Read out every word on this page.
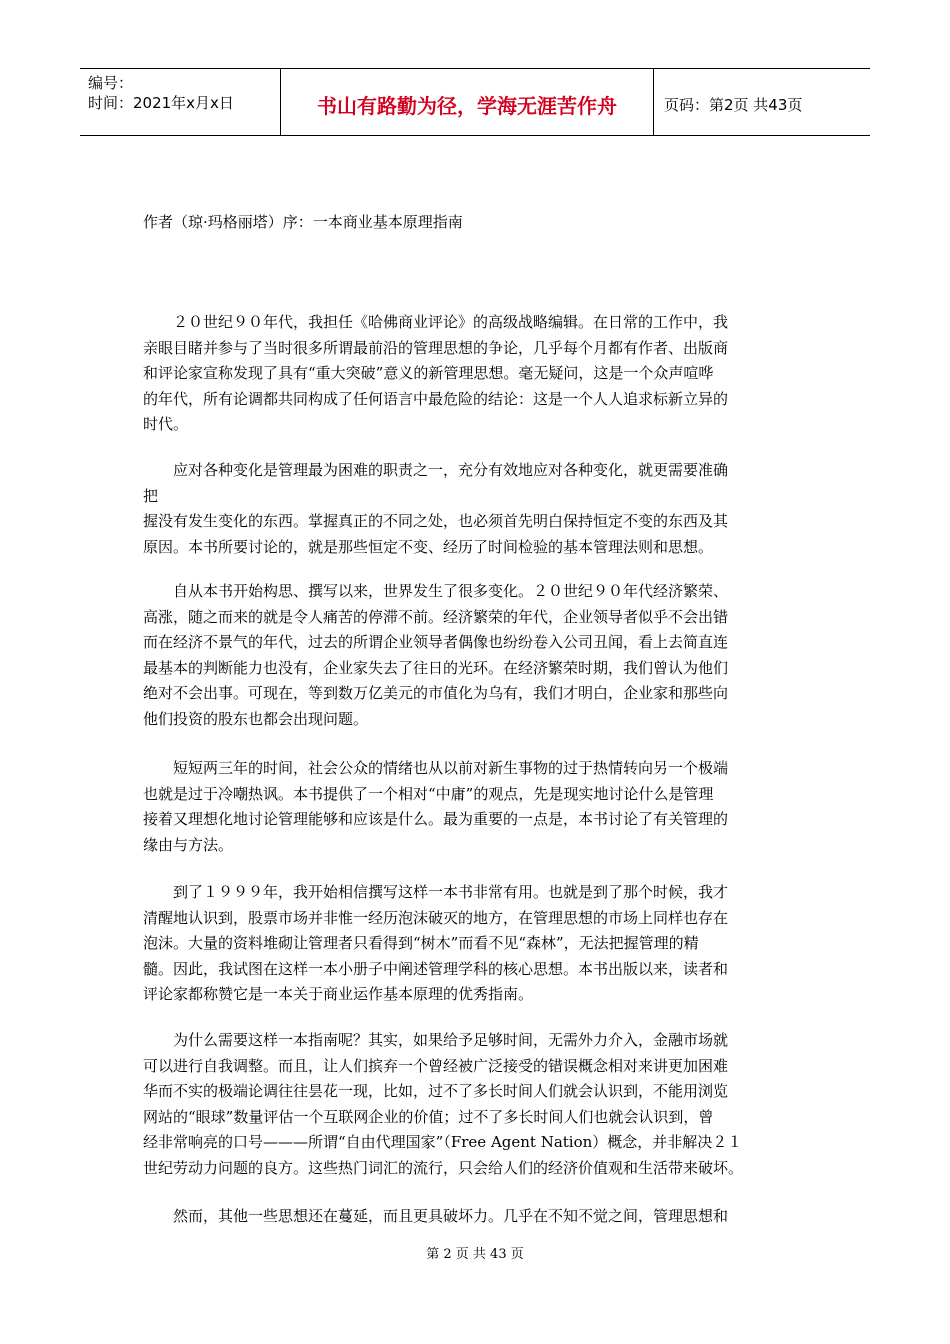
编号：
时间：2021年x月x日	书山有路勤为径，学海无涯苦作舟	页码：第2页 共43页
作者（琼·玛格丽塔）序：一本商业基本原理指南
　　２０世纪９０年代，我担任《哈佛商业评论》的高级战略编辑。在日常的工作中，我
亲眼目睹并参与了当时很多所谓最前沿的管理思想的争论，几乎每个月都有作者、出版商
和评论家宣称发现了具有“重大突破”意义的新管理思想。毫无疑问，这是一个众声喧哗
的年代，所有论调都共同构成了任何语言中最危险的结论：这是一个人人追求标新立异的
时代。
　　应对各种变化是管理最为困难的职责之一，充分有效地应对各种变化，就更需要准确
把
握没有发生变化的东西。掌握真正的不同之处，也必须首先明白保持恒定不变的东西及其
原因。本书所要讨论的，就是那些恒定不变、经历了时间检验的基本管理法则和思想。
　　自从本书开始构思、撰写以来，世界发生了很多变化。２０世纪９０年代经济繁荣、
高涨，随之而来的就是令人痛苦的停滞不前。经济繁荣的年代，企业领导者似乎不会出错
而在经济不景气的年代，过去的所谓企业领导者偶像也纷纷卷入公司丑闻，看上去简直连
最基本的判断能力也没有，企业家失去了往日的光环。在经济繁荣时期，我们曾认为他们
绝对不会出事。可现在，等到数万亿美元的市值化为乌有，我们才明白，企业家和那些向
他们投资的股东也都会出现问题。
　　短短两三年的时间，社会公众的情绪也从以前对新生事物的过于热情转向另一个极端
也就是过于冷嘲热讽。本书提供了一个相对“中庸”的观点，先是现实地讨论什么是管理
接着又理想化地讨论管理能够和应该是什么。最为重要的一点是，本书讨论了有关管理的
缘由与方法。
　　到了１９９９年，我开始相信撰写这样一本书非常有用。也就是到了那个时候，我才
清醒地认识到，股票市场并非惟一经历泡沫破灭的地方，在管理思想的市场上同样也存在
泡沫。大量的资料堆砌让管理者只看得到“树木”而看不见“森林”，无法把握管理的精
髓。因此，我试图在这样一本小册子中阐述管理学科的核心思想。本书出版以来，读者和
评论家都称赞它是一本关于商业运作基本原理的优秀指南。
　　为什么需要这样一本指南呢？其实，如果给予足够时间，无需外力介入，金融市场就
可以进行自我调整。而且，让人们摈弃一个曾经被广泛接受的错误概念相对来讲更加困难
华而不实的极端论调往往昙花一现，比如，过不了多长时间人们就会认识到，不能用浏览
网站的“眼球”数量评估一个互联网企业的价值；过不了多长时间人们也就会认识到，曾
经非常响亮的口号———所谓“自由代理国家”（Free Agent Nation）概念，并非解决２１
世纪劳动力问题的良方。这些热门词汇的流行，只会给人们的经济价值观和生活带来破坏。
　　然而，其他一些思想还在蔓延，而且更具破坏力。几乎在不知不觉之间，管理思想和
第 2 页 共 43 页
